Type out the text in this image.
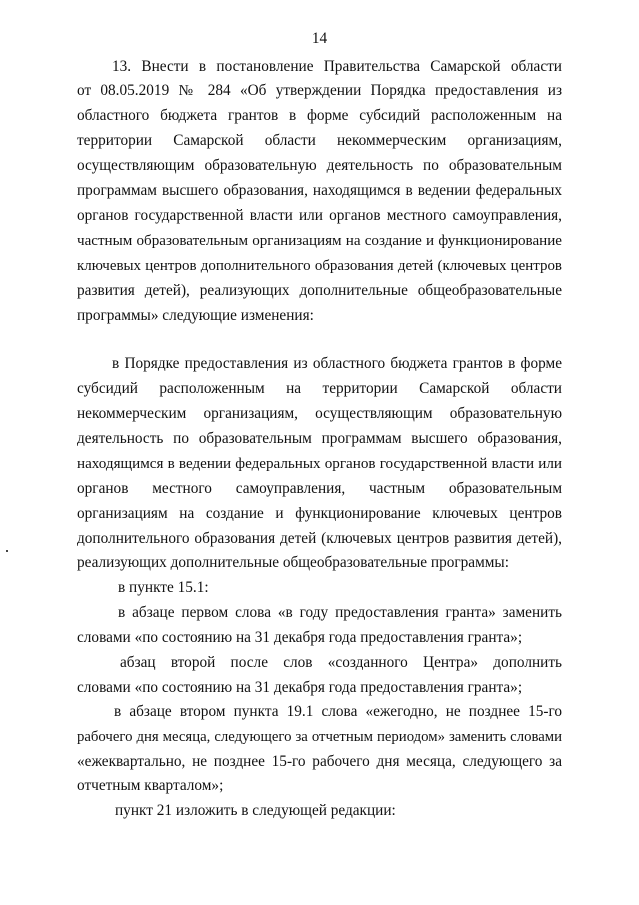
14
13. Внести в постановление Правительства Самарской области
от 08.05.2019 № 284 «Об утверждении Порядка предоставления из
областного бюджета грантов в форме субсидий расположенным на
территории Самарской области некоммерческим организациям,
осуществляющим образовательную деятельность по образовательным
программам высшего образования, находящимся в ведении федеральных
органов государственной власти или органов местного самоуправления,
частным образовательным организациям на создание и функционирование
ключевых центров дополнительного образования детей (ключевых центров
развития детей), реализующих дополнительные общеобразовательные
программы» следующие изменения:
в Порядке предоставления из областного бюджета грантов в форме
субсидий расположенным на территории Самарской области
некоммерческим организациям, осуществляющим образовательную
деятельность по образовательным программам высшего образования,
находящимся в ведении федеральных органов государственной власти или
органов местного самоуправления, частным образовательным
организациям на создание и функционирование ключевых центров
дополнительного образования детей (ключевых центров развития детей),
реализующих дополнительные общеобразовательные программы:
в пункте 15.1:
в абзаце первом слова «в году предоставления гранта» заменить
словами «по состоянию на 31 декабря года предоставления гранта»;
абзац второй после слов «созданного Центра» дополнить
словами «по состоянию на 31 декабря года предоставления гранта»;
в абзаце втором пункта 19.1 слова «ежегодно, не позднее 15-го
рабочего дня месяца, следующего за отчетным периодом» заменить словами
«ежеквартально, не позднее 15-го рабочего дня месяца, следующего за
отчетным кварталом»;
пункт 21 изложить в следующей редакции:
